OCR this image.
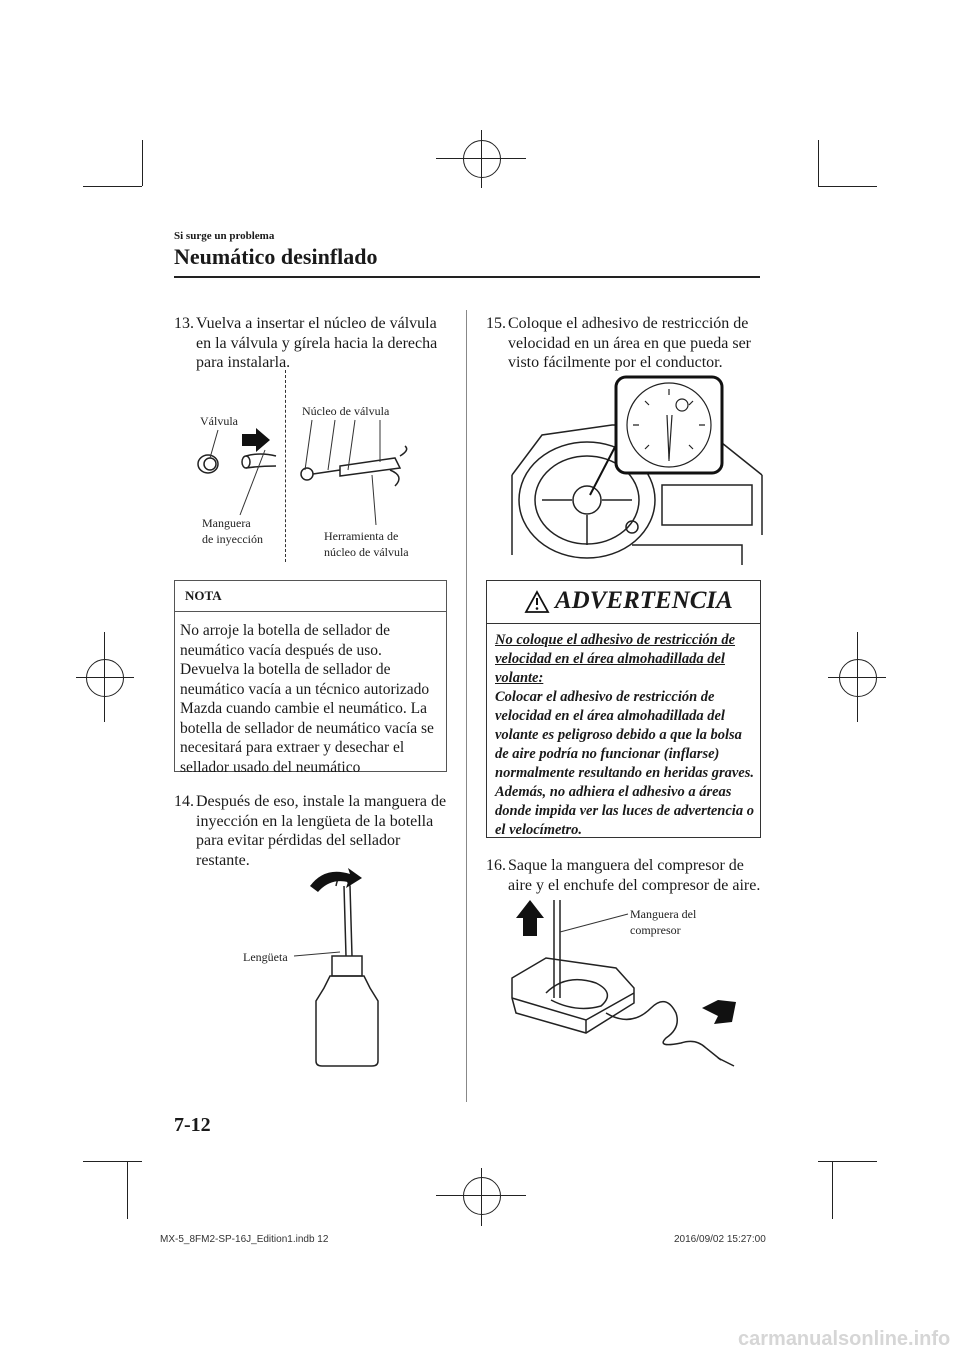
Si surge un problema
Neumático desinflado
13. Vuelva a insertar el núcleo de válvula en la válvula y gírela hacia la derecha para instalarla.
Válvula
Núcleo de válvula
Manguera
de inyección	Herramienta de
núcleo de válvula
NOTA
No arroje la botella de sellador de neumático vacía después de uso. Devuelva la botella de sellador de neumático vacía a un técnico autorizado Mazda cuando cambie el neumático. La botella de sellador de neumático vacía se necesitará para extraer y desechar el sellador usado del neumático
14. Después de eso, instale la manguera de inyección en la lengüeta de la botella para evitar pérdidas del sellador restante.
Lengüeta
15. Coloque el adhesivo de restricción de velocidad en un área en que pueda ser visto fácilmente por el conductor.
ADVERTENCIA
No coloque el adhesivo de restricción de velocidad en el área almohadillada del volante:
Colocar el adhesivo de restricción de velocidad en el área almohadillada del volante es peligroso debido a que la bolsa de aire podría no funcionar (inflarse) normalmente resultando en heridas graves. Además, no adhiera el adhesivo a áreas donde impida ver las luces de advertencia o el velocímetro.
16. Saque la manguera del compresor de aire y el enchufe del compresor de aire.
Manguera del
compresor
7-12
MX-5_8FM2-SP-16J_Edition1.indb 12	2016/09/02 15:27:00
carmanualsonline.info
